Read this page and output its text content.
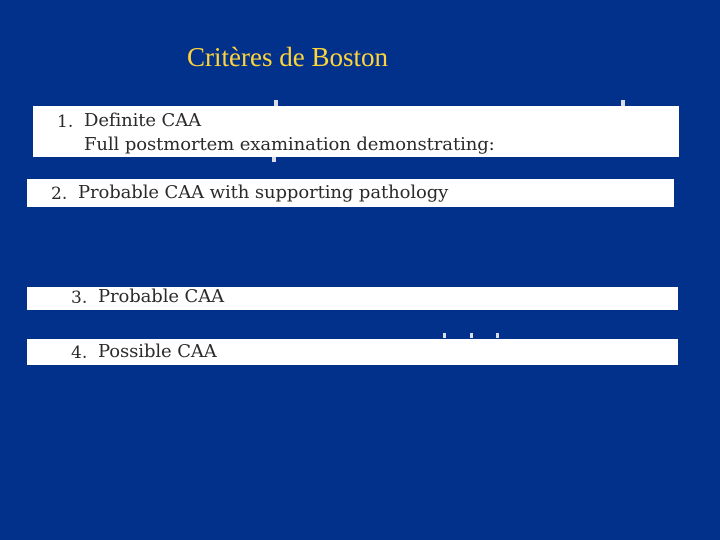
Critères de Boston
1. Definite CAA
Full postmortem examination demonstrating:
2. Probable CAA with supporting pathology
3. Probable CAA
4. Possible CAA
